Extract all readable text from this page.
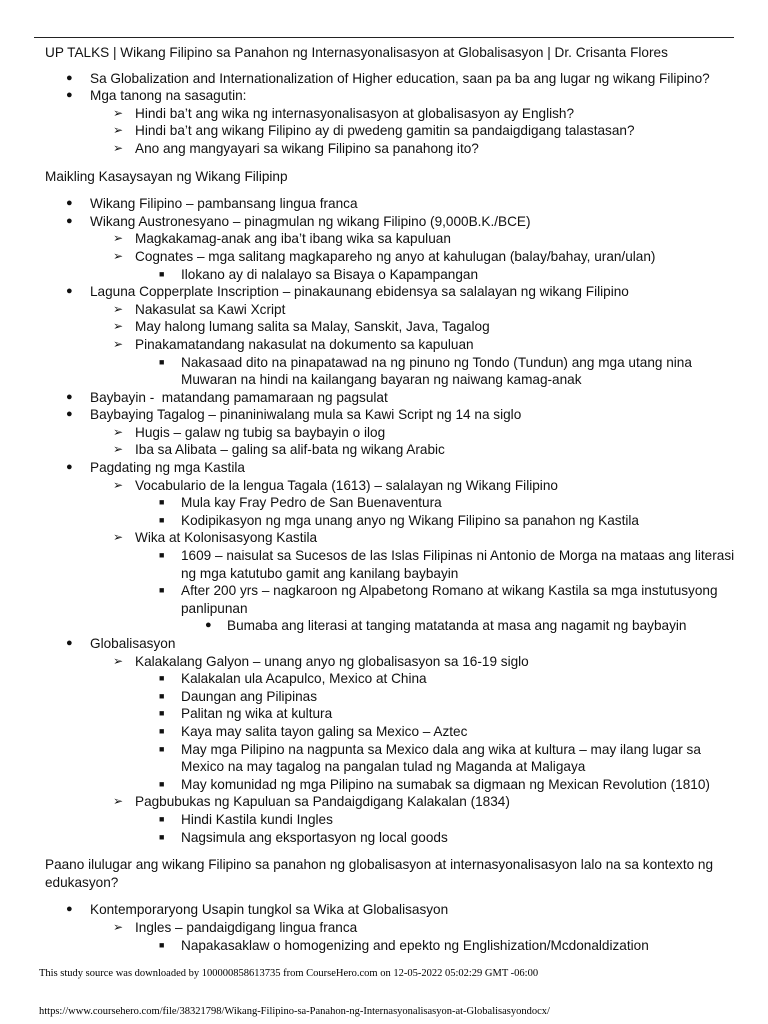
UP TALKS | Wikang Filipino sa Panahon ng Internasyonalisasyon at Globalisasyon | Dr. Crisanta Flores

●	Sa Globalization and Internationalization of Higher education, saan pa ba ang lugar ng wikang Filipino?
●	Mga tanong na sasagutin:
➢ Hindi ba’t ang wika ng internasyonalisasyon at globalisasyon ay English?
➢ Hindi ba’t ang wikang Filipino ay di pwedeng gamitin sa pandaigdigang talastasan?
➢ Ano ang mangyayari sa wikang Filipino sa panahong ito?

Maikling Kasaysayan ng Wikang Filipinp

●	Wikang Filipino – pambansang lingua franca
●	Wikang Austronesyano – pinagmulan ng wikang Filipino (9,000B.K./BCE)
➢ Magkakamag-anak ang iba’t ibang wika sa kapuluan
➢ Cognates – mga salitang magkapareho ng anyo at kahulugan (balay/bahay, uran/ulan)
■	Ilokano ay di nalalayo sa Bisaya o Kapampangan
●	Laguna Copperplate Inscription – pinakaunang ebidensya sa salalayan ng wikang Filipino
➢ Nakasulat sa Kawi Xcript
➢ May halong lumang salita sa Malay, Sanskit, Java, Tagalog
➢ Pinakamatandang nakasulat na dokumento sa kapuluan
■	Nakasaad dito na pinapatawad na ng pinuno ng Tondo (Tundun) ang mga utang nina Muwaran na hindi na kailangang bayaran ng naiwang kamag-anak
●	Baybayin -  matandang pamamaraan ng pagsulat
●	Baybaying Tagalog – pinaniniwalang mula sa Kawi Script ng 14 na siglo
➢ Hugis – galaw ng tubig sa baybayin o ilog
➢ Iba sa Alibata – galing sa alif-bata ng wikang Arabic
●	Pagdating ng mga Kastila
➢ Vocabulario de la lengua Tagala (1613) – salalayan ng Wikang Filipino
■	Mula kay Fray Pedro de San Buenaventura
■	Kodipikasyon ng mga unang anyo ng Wikang Filipino sa panahon ng Kastila
➢ Wika at Kolonisasyong Kastila
■	1609 – naisulat sa Sucesos de las Islas Filipinas ni Antonio de Morga na mataas ang literasi ng mga katutubo gamit ang kanilang baybayin
■	After 200 yrs – nagkaroon ng Alpabetong Romano at wikang Kastila sa mga instutusyong panlipunan
●	Bumaba ang literasi at tanging matatanda at masa ang nagamit ng baybayin
●	Globalisasyon
➢ Kalakalang Galyon – unang anyo ng globalisasyon sa 16-19 siglo
■	Kalakalan ula Acapulco, Mexico at China
■	Daungan ang Pilipinas
■	Palitan ng wika at kultura
■	Kaya may salita tayon galing sa Mexico – Aztec
■	May mga Pilipino na nagpunta sa Mexico dala ang wika at kultura – may ilang lugar sa Mexico na may tagalog na pangalan tulad ng Maganda at Maligaya
■	May komunidad ng mga Pilipino na sumabak sa digmaan ng Mexican Revolution (1810)
➢ Pagbubukas ng Kapuluan sa Pandaigdigang Kalakalan (1834)
■	Hindi Kastila kundi Ingles
■	Nagsimula ang eksportasyon ng local goods

Paano ilulugar ang wikang Filipino sa panahon ng globalisasyon at internasyonalisasyon lalo na sa kontexto ng edukasyon?

●	Kontemporaryong Usapin tungkol sa Wika at Globalisasyon
➢ Ingles – pandaigdigang lingua franca
■	Napakasaklaw o homogenizing and epekto ng Englishization/Mcdonaldization
This study source was downloaded by 100000858613735 from CourseHero.com on 12-05-2022 05:02:29 GMT -06:00
https://www.coursehero.com/file/38321798/Wikang-Filipino-sa-Panahon-ng-Internasyonalisasyon-at-Globalisasyondocx/
